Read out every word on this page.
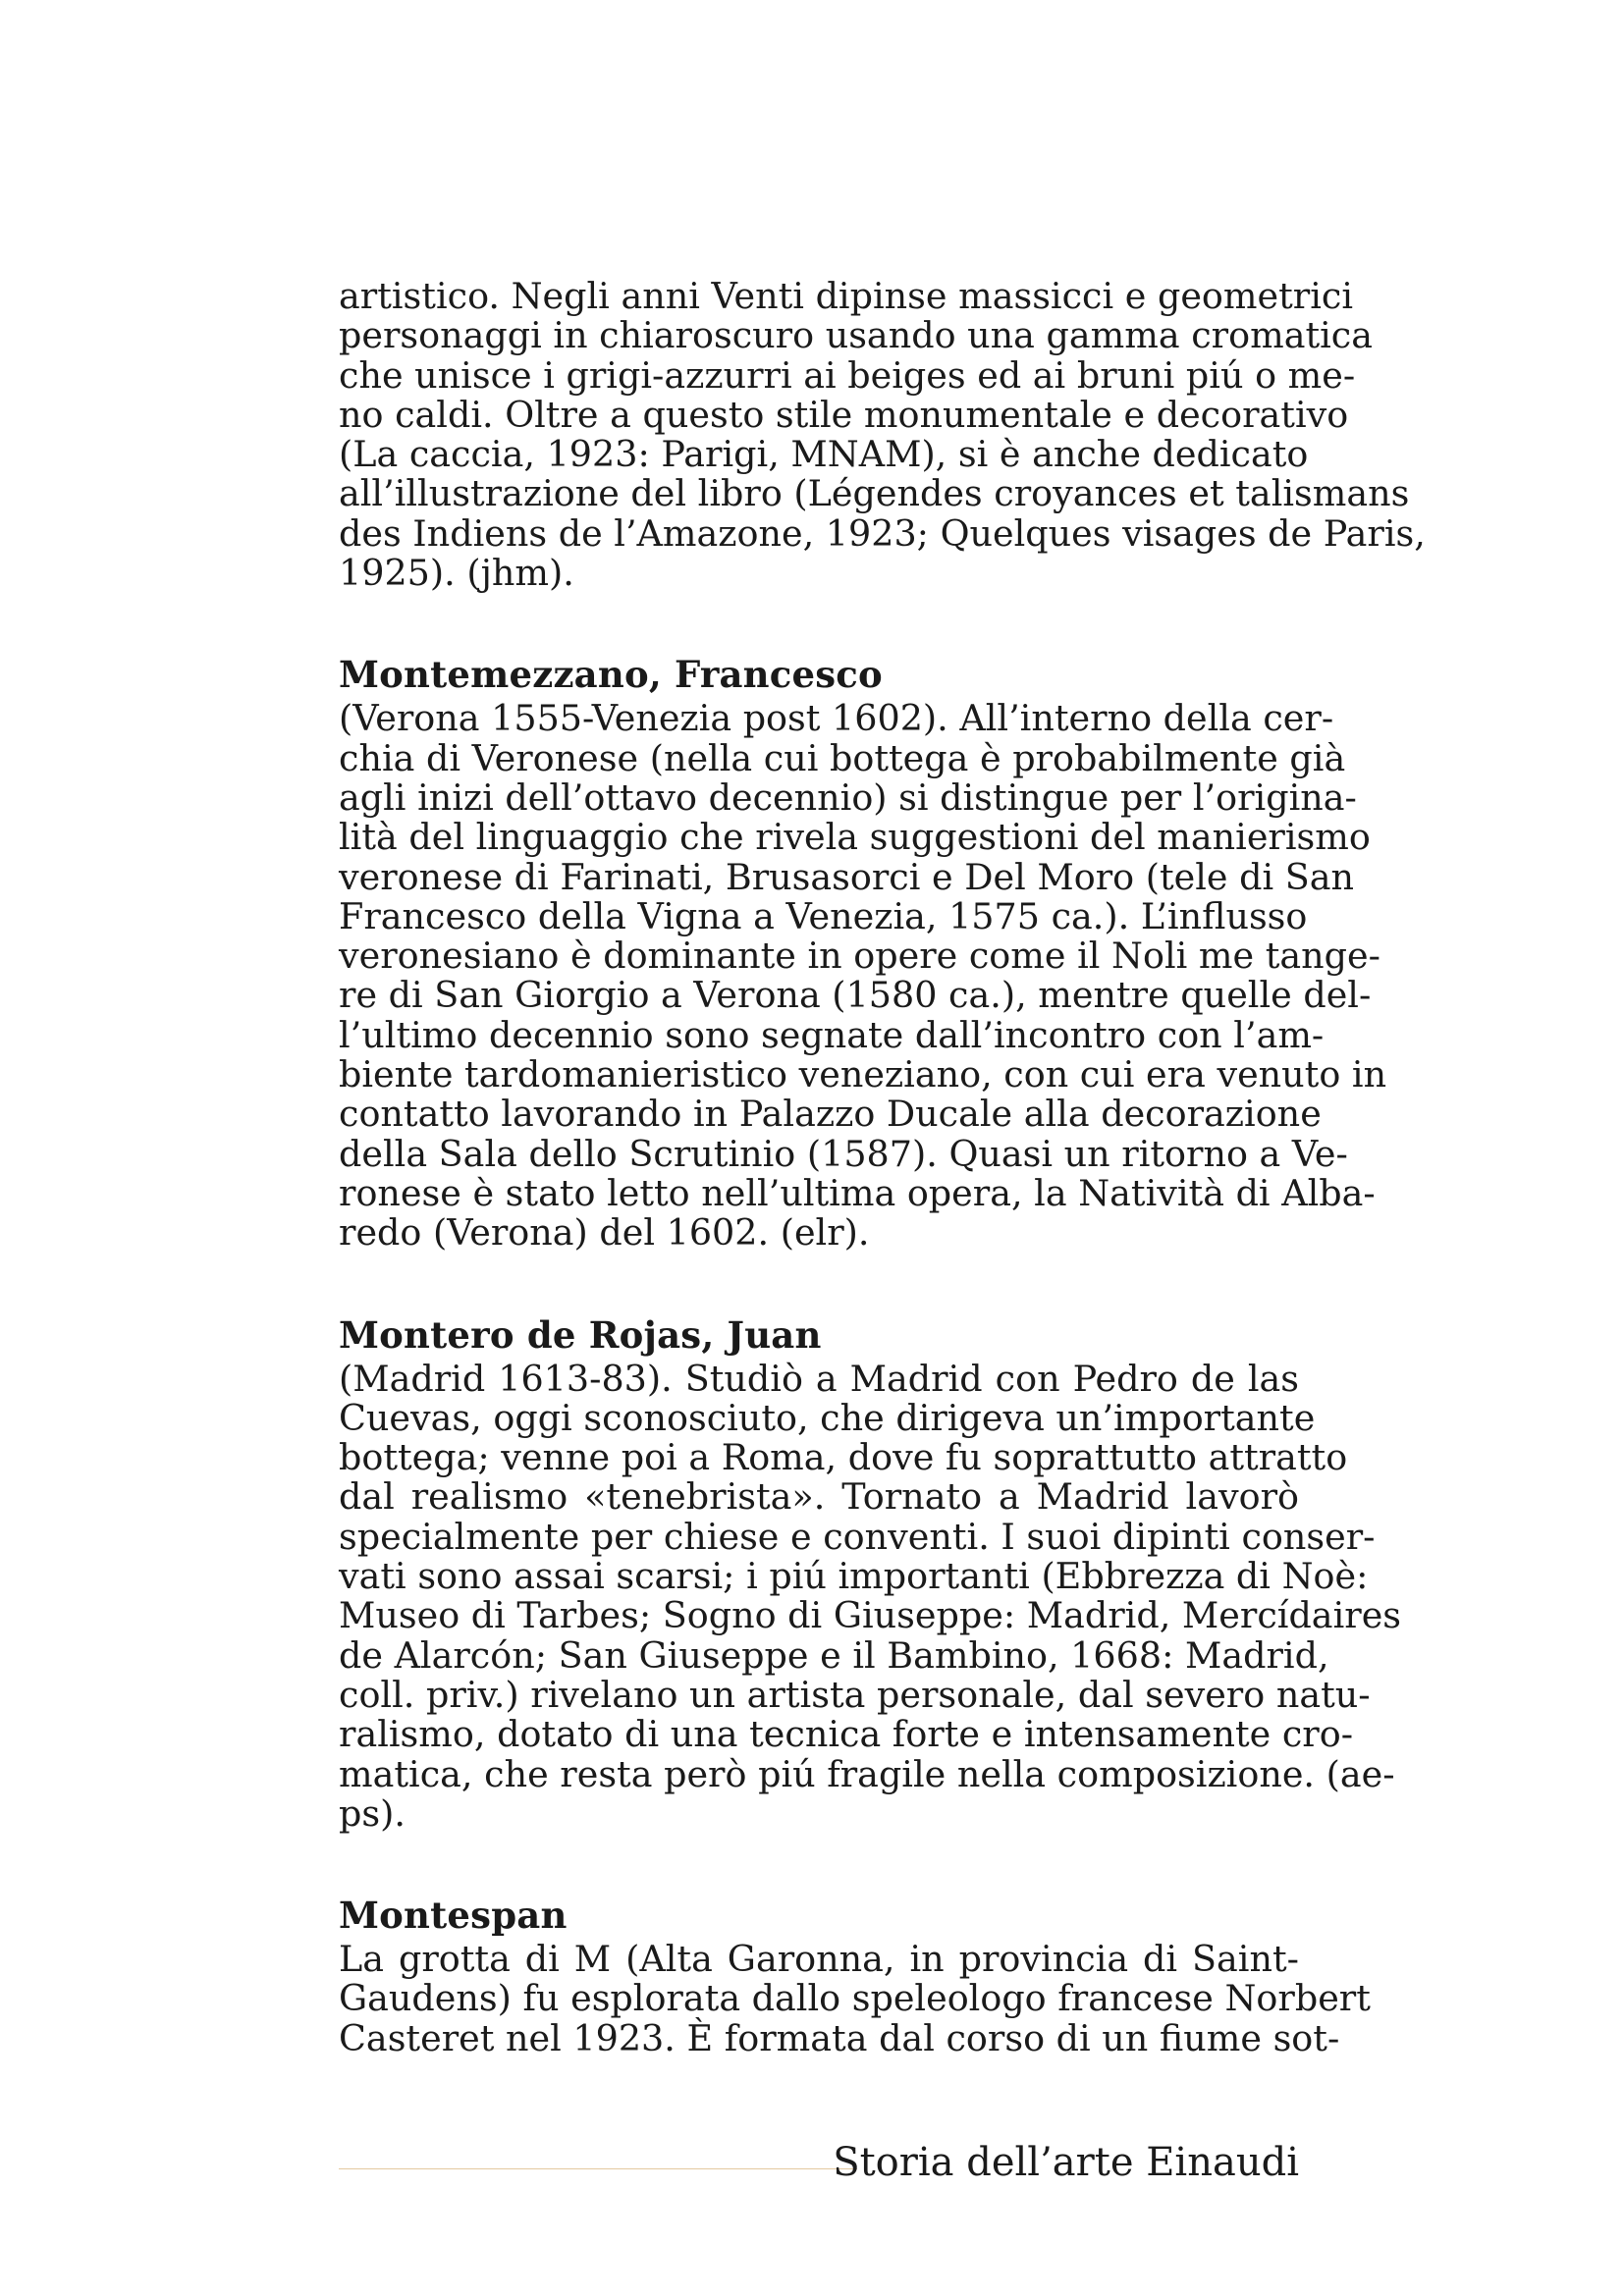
artistico. Negli anni Venti dipinse massicci e geometrici
personaggi in chiaroscuro usando una gamma cromatica
che unisce i grigi-azzurri ai beiges ed ai bruni piú o me-
no caldi. Oltre a questo stile monumentale e decorativo
(La caccia, 1923: Parigi, MNAM), si è anche dedicato
all’illustrazione del libro (Légendes croyances et talismans
des Indiens de l’Amazone, 1923; Quelques visages de Paris,
1925). (jhm).
Montemezzano, Francesco
(Verona 1555-Venezia post 1602). All’interno della cer-
chia di Veronese (nella cui bottega è probabilmente già
agli inizi dell’ottavo decennio) si distingue per l’origina-
lità del linguaggio che rivela suggestioni del manierismo
veronese di Farinati, Brusasorci e Del Moro (tele di San
Francesco della Vigna a Venezia, 1575 ca.). L’influsso
veronesiano è dominante in opere come il Noli me tange-
re di San Giorgio a Verona (1580 ca.), mentre quelle del-
l’ultimo decennio sono segnate dall’incontro con l’am-
biente tardomanieristico veneziano, con cui era venuto in
contatto lavorando in Palazzo Ducale alla decorazione
della Sala dello Scrutinio (1587). Quasi un ritorno a Ve-
ronese è stato letto nell’ultima opera, la Natività di Alba-
redo (Verona) del 1602. (elr).
Montero de Rojas, Juan
(Madrid 1613-83). Studiò a Madrid con Pedro de las
Cuevas, oggi sconosciuto, che dirigeva un’importante
bottega; venne poi a Roma, dove fu soprattutto attratto
dal realismo «tenebrista». Tornato a Madrid lavorò
specialmente per chiese e conventi. I suoi dipinti conser-
vati sono assai scarsi; i piú importanti (Ebbrezza di Noè:
Museo di Tarbes; Sogno di Giuseppe: Madrid, Mercídaires
de Alarcón; San Giuseppe e il Bambino, 1668: Madrid,
coll. priv.) rivelano un artista personale, dal severo natu-
ralismo, dotato di una tecnica forte e intensamente cro-
matica, che resta però piú fragile nella composizione. (ae-
ps).
Montespan
La grotta di M (Alta Garonna, in provincia di Saint-
Gaudens) fu esplorata dallo speleologo francese Norbert
Casteret nel 1923. È formata dal corso di un fiume sot-
Storia dell’arte Einaudi
